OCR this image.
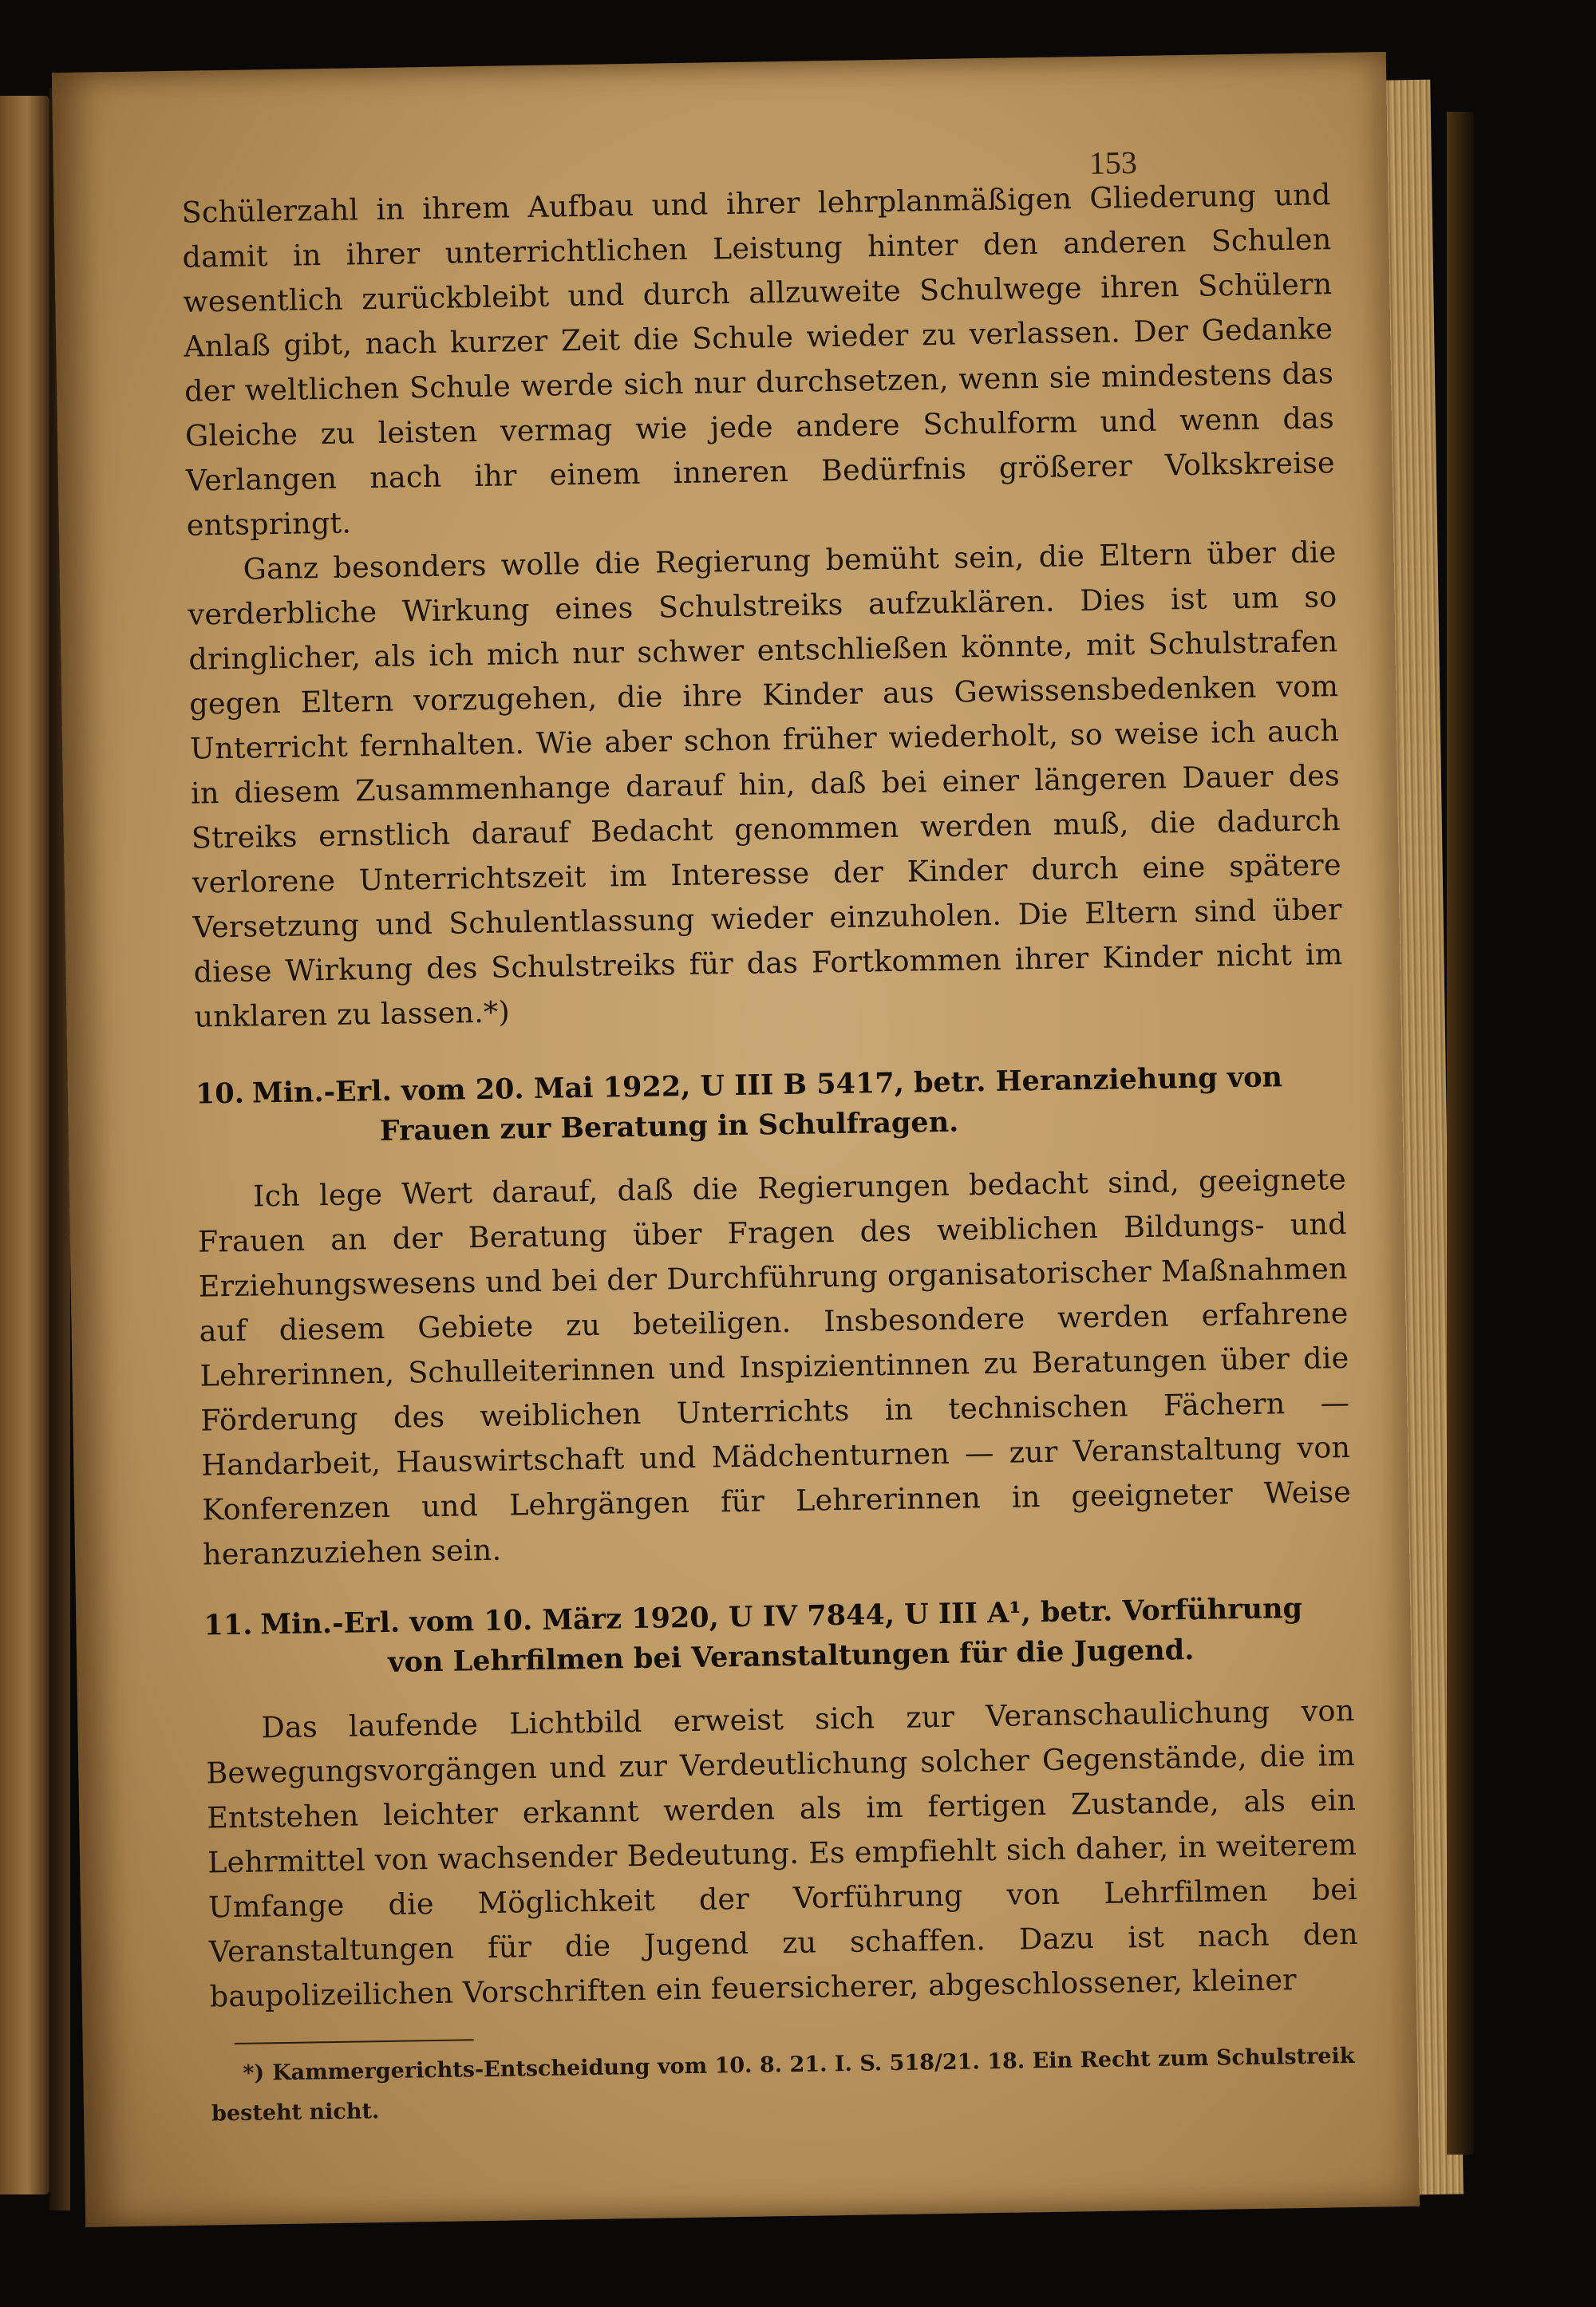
153

Schülerzahl in ihrem Aufbau und ihrer lehrplanmäßigen Gliederung und damit in ihrer unterrichtlichen Leistung hinter den anderen Schulen wesentlich zurückbleibt und durch allzuweite Schulwege ihren Schülern Anlaß gibt, nach kurzer Zeit die Schule wieder zu verlassen. Der Gedanke der weltlichen Schule werde sich nur durchsetzen, wenn sie mindestens das Gleiche zu leisten vermag wie jede andere Schulform und wenn das Verlangen nach ihr einem inneren Bedürfnis größerer Volkskreise entspringt.

Ganz besonders wolle die Regierung bemüht sein, die Eltern über die verderbliche Wirkung eines Schulstreiks aufzuklären. Dies ist um so dringlicher, als ich mich nur schwer entschließen könnte, mit Schulstrafen gegen Eltern vorzugehen, die ihre Kinder aus Gewissensbedenken vom Unterricht fernhalten. Wie aber schon früher wiederholt, so weise ich auch in diesem Zusammenhange darauf hin, daß bei einer längeren Dauer des Streiks ernstlich darauf Bedacht genommen werden muß, die dadurch verlorene Unterrichtszeit im Interesse der Kinder durch eine spätere Versetzung und Schulentlassung wieder einzuholen. Die Eltern sind über diese Wirkung des Schulstreiks für das Fortkommen ihrer Kinder nicht im unklaren zu lassen.*)

10. Min.-Erl. vom 20. Mai 1922, U III B 5417, betr. Heranziehung von Frauen zur Beratung in Schulfragen.

Ich lege Wert darauf, daß die Regierungen bedacht sind, geeignete Frauen an der Beratung über Fragen des weiblichen Bildungs- und Erziehungswesens und bei der Durchführung organisatorischer Maßnahmen auf diesem Gebiete zu beteiligen. Insbesondere werden erfahrene Lehrerinnen, Schulleiterinnen und Inspizientinnen zu Beratungen über die Förderung des weiblichen Unterrichts in technischen Fächern — Handarbeit, Hauswirtschaft und Mädchenturnen — zur Veranstaltung von Konferenzen und Lehrgängen für Lehrerinnen in geeigneter Weise heranzuziehen sein.

11. Min.-Erl. vom 10. März 1920, U IV 7844, U III A¹, betr. Vorführung von Lehrfilmen bei Veranstaltungen für die Jugend.

Das laufende Lichtbild erweist sich zur Veranschaulichung von Bewegungsvorgängen und zur Verdeutlichung solcher Gegenstände, die im Entstehen leichter erkannt werden als im fertigen Zustande, als ein Lehrmittel von wachsender Bedeutung. Es empfiehlt sich daher, in weiterem Umfange die Möglichkeit der Vorführung von Lehrfilmen bei Veranstaltungen für die Jugend zu schaffen. Dazu ist nach den baupolizeilichen Vorschriften ein feuersicherer, abgeschlossener, kleiner

*) Kammergerichts-Entscheidung vom 10. 8. 21. I. S. 518/21. 18. Ein Recht zum Schulstreik besteht nicht.
